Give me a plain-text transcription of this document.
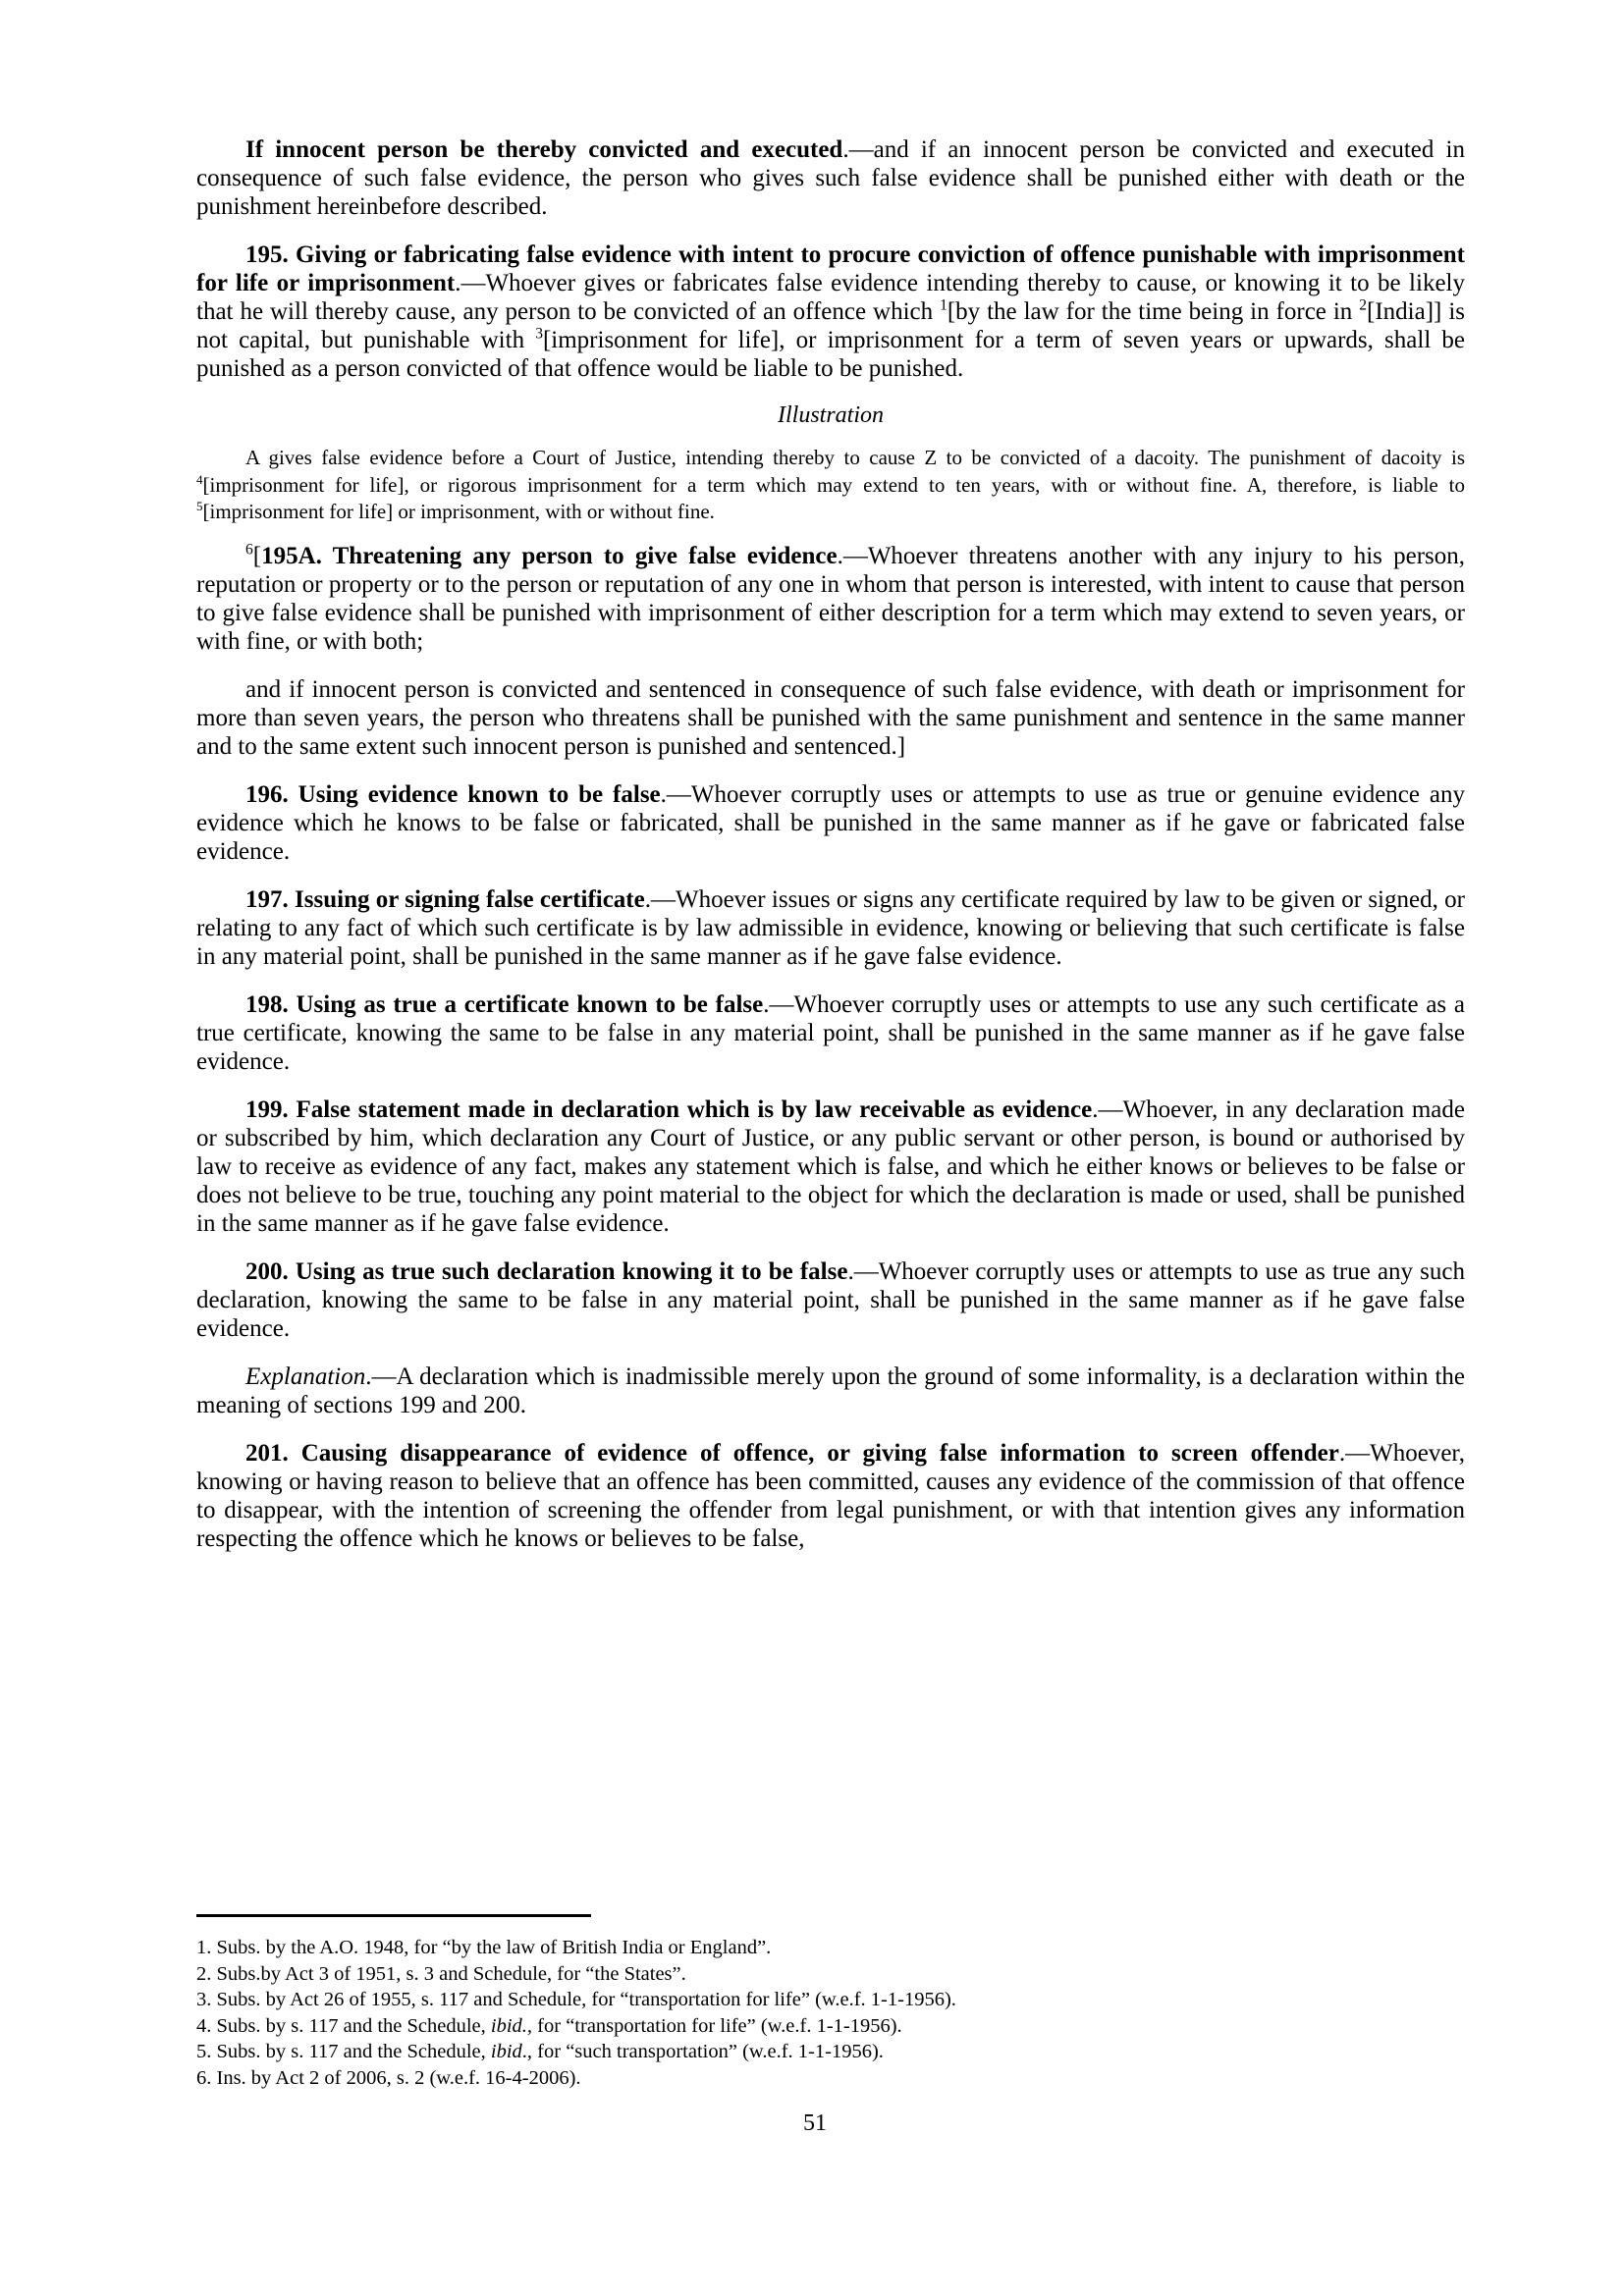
If innocent person be thereby convicted and executed.—and if an innocent person be convicted and executed in consequence of such false evidence, the person who gives such false evidence shall be punished either with death or the punishment hereinbefore described.

195. Giving or fabricating false evidence with intent to procure conviction of offence punishable with imprisonment for life or imprisonment.—Whoever gives or fabricates false evidence intending thereby to cause, or knowing it to be likely that he will thereby cause, any person to be convicted of an offence which $^1$[by the law for the time being in force in $^2$[India]] is not capital, but punishable with $^3$[imprisonment for life], or imprisonment for a term of seven years or upwards, shall be punished as a person convicted of that offence would be liable to be punished.

Illustration

A gives false evidence before a Court of Justice, intending thereby to cause Z to be convicted of a dacoity. The punishment of dacoity is $^4$[imprisonment for life], or rigorous imprisonment for a term which may extend to ten years, with or without fine. A, therefore, is liable to $^5$[imprisonment for life] or imprisonment, with or without fine.

$^6$[195A. Threatening any person to give false evidence.—Whoever threatens another with any injury to his person, reputation or property or to the person or reputation of any one in whom that person is interested, with intent to cause that person to give false evidence shall be punished with imprisonment of either description for a term which may extend to seven years, or with fine, or with both;

and if innocent person is convicted and sentenced in consequence of such false evidence, with death or imprisonment for more than seven years, the person who threatens shall be punished with the same punishment and sentence in the same manner and to the same extent such innocent person is punished and sentenced.]

196. Using evidence known to be false.—Whoever corruptly uses or attempts to use as true or genuine evidence any evidence which he knows to be false or fabricated, shall be punished in the same manner as if he gave or fabricated false evidence.

197. Issuing or signing false certificate.—Whoever issues or signs any certificate required by law to be given or signed, or relating to any fact of which such certificate is by law admissible in evidence, knowing or believing that such certificate is false in any material point, shall be punished in the same manner as if he gave false evidence.

198. Using as true a certificate known to be false.—Whoever corruptly uses or attempts to use any such certificate as a true certificate, knowing the same to be false in any material point, shall be punished in the same manner as if he gave false evidence.

199. False statement made in declaration which is by law receivable as evidence.—Whoever, in any declaration made or subscribed by him, which declaration any Court of Justice, or any public servant or other person, is bound or authorised by law to receive as evidence of any fact, makes any statement which is false, and which he either knows or believes to be false or does not believe to be true, touching any point material to the object for which the declaration is made or used, shall be punished in the same manner as if he gave false evidence.

200. Using as true such declaration knowing it to be false.—Whoever corruptly uses or attempts to use as true any such declaration, knowing the same to be false in any material point, shall be punished in the same manner as if he gave false evidence.

Explanation.—A declaration which is inadmissible merely upon the ground of some informality, is a declaration within the meaning of sections 199 and 200.

201. Causing disappearance of evidence of offence, or giving false information to screen offender.—Whoever, knowing or having reason to believe that an offence has been committed, causes any evidence of the commission of that offence to disappear, with the intention of screening the offender from legal punishment, or with that intention gives any information respecting the offence which he knows or believes to be false,

1. Subs. by the A.O. 1948, for “by the law of British India or England”.
2. Subs.by Act 3 of 1951, s. 3 and Schedule, for “the States”.
3. Subs. by Act 26 of 1955, s. 117 and Schedule, for “transportation for life” (w.e.f. 1-1-1956).
4. Subs. by s. 117 and the Schedule, ibid., for “transportation for life” (w.e.f. 1-1-1956).
5. Subs. by s. 117 and the Schedule, ibid., for “such transportation” (w.e.f. 1-1-1956).
6. Ins. by Act 2 of 2006, s. 2 (w.e.f. 16-4-2006).
51
